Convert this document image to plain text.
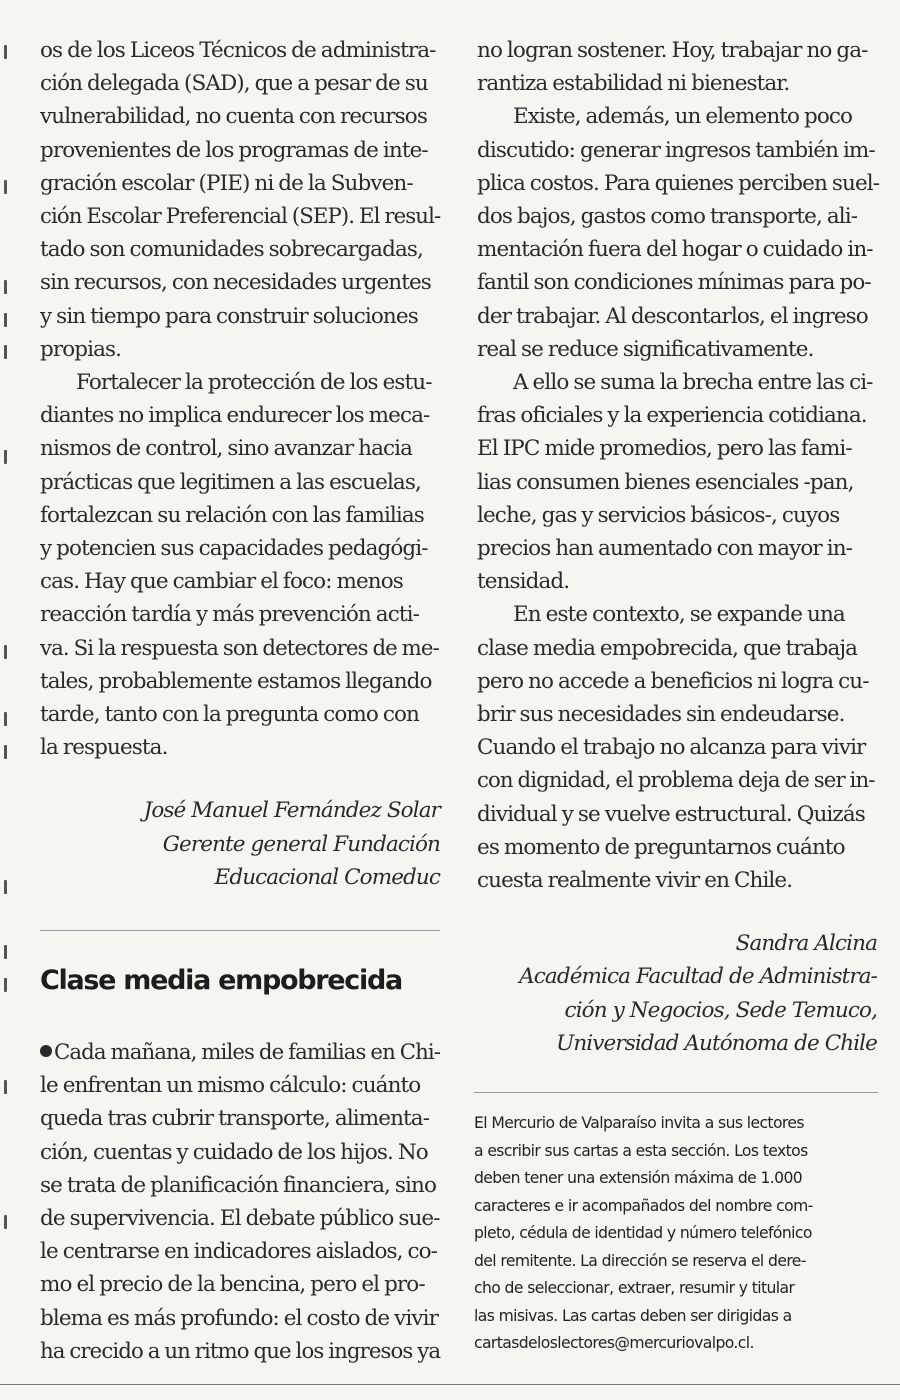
os de los Liceos Técnicos de administra-
ción delegada (SAD), que a pesar de su
vulnerabilidad, no cuenta con recursos
provenientes de los programas de inte-
gración escolar (PIE) ni de la Subven-
ción Escolar Preferencial (SEP). El resul-
tado son comunidades sobrecargadas,
sin recursos, con necesidades urgentes
y sin tiempo para construir soluciones
propias.
Fortalecer la protección de los estu-
diantes no implica endurecer los meca-
nismos de control, sino avanzar hacia
prácticas que legitimen a las escuelas,
fortalezcan su relación con las familias
y potencien sus capacidades pedagógi-
cas. Hay que cambiar el foco: menos
reacción tardía y más prevención acti-
va. Si la respuesta son detectores de me-
tales, probablemente estamos llegando
tarde, tanto con la pregunta como con
la respuesta.
José Manuel Fernández Solar
Gerente general Fundación
Educacional Comeduc
Clase media empobrecida
Cada mañana, miles de familias en Chi-
le enfrentan un mismo cálculo: cuánto
queda tras cubrir transporte, alimenta-
ción, cuentas y cuidado de los hijos. No
se trata de planificación financiera, sino
de supervivencia. El debate público sue-
le centrarse en indicadores aislados, co-
mo el precio de la bencina, pero el pro-
blema es más profundo: el costo de vivir
ha crecido a un ritmo que los ingresos ya
no logran sostener. Hoy, trabajar no ga-
rantiza estabilidad ni bienestar.
Existe, además, un elemento poco
discutido: generar ingresos también im-
plica costos. Para quienes perciben suel-
dos bajos, gastos como transporte, ali-
mentación fuera del hogar o cuidado in-
fantil son condiciones mínimas para po-
der trabajar. Al descontarlos, el ingreso
real se reduce significativamente.
A ello se suma la brecha entre las ci-
fras oficiales y la experiencia cotidiana.
El IPC mide promedios, pero las fami-
lias consumen bienes esenciales -pan,
leche, gas y servicios básicos-, cuyos
precios han aumentado con mayor in-
tensidad.
En este contexto, se expande una
clase media empobrecida, que trabaja
pero no accede a beneficios ni logra cu-
brir sus necesidades sin endeudarse.
Cuando el trabajo no alcanza para vivir
con dignidad, el problema deja de ser in-
dividual y se vuelve estructural. Quizás
es momento de preguntarnos cuánto
cuesta realmente vivir en Chile.
Sandra Alcina
Académica Facultad de Administra-
ción y Negocios, Sede Temuco,
Universidad Autónoma de Chile
El Mercurio de Valparaíso invita a sus lectores
a escribir sus cartas a esta sección. Los textos
deben tener una extensión máxima de 1.000
caracteres e ir acompañados del nombre com-
pleto, cédula de identidad y número telefónico
del remitente. La dirección se reserva el dere-
cho de seleccionar, extraer, resumir y titular
las misivas. Las cartas deben ser dirigidas a
cartasdeloslectores@mercuriovalpo.cl.
